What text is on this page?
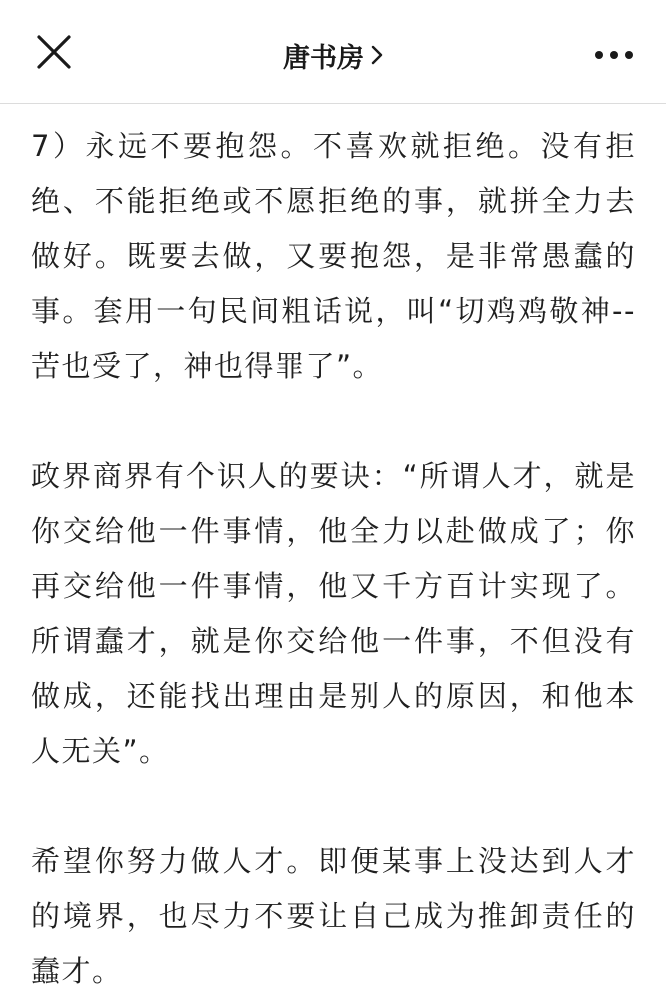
唐书房

7）永远不要抱怨。不喜欢就拒绝。没有拒绝、不能拒绝或不愿拒绝的事，就拼全力去做好。既要去做，又要抱怨，是非常愚蠢的事。套用一句民间粗话说，叫“切鸡鸡敬神--苦也受了，神也得罪了”。

政界商界有个识人的要诀：“所谓人才，就是你交给他一件事情，他全力以赴做成了；你再交给他一件事情，他又千方百计实现了。所谓蠢才，就是你交给他一件事，不但没有做成，还能找出理由是别人的原因，和他本人无关”。

希望你努力做人才。即便某事上没达到人才的境界，也尽力不要让自己成为推卸责任的蠢才。
